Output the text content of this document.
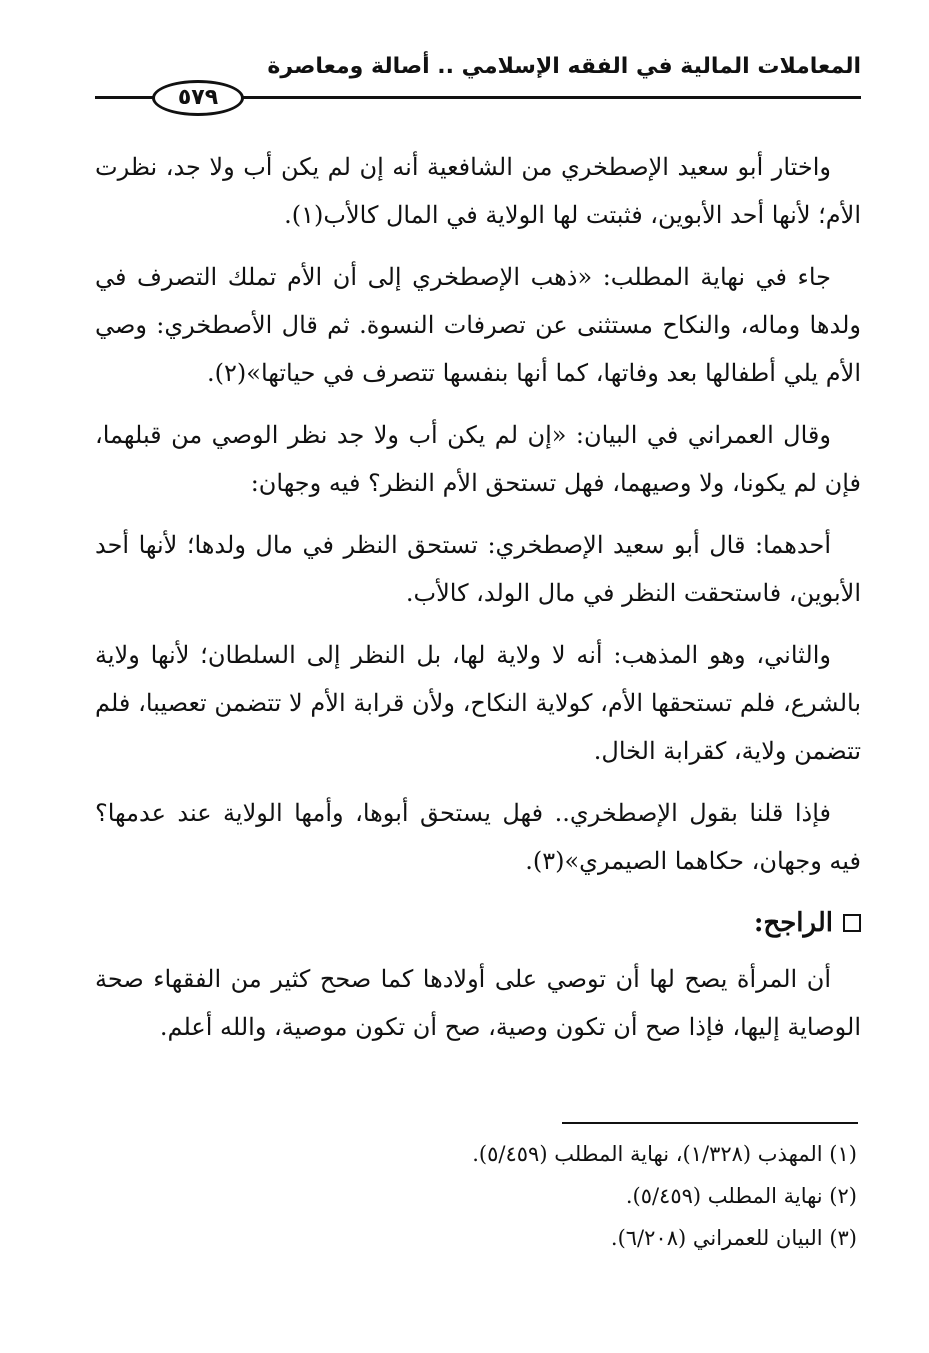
المعاملات المالية في الفقه الإسلامي .. أصالة ومعاصرة
٥٧٩

واختار أبو سعيد الإصطخري من الشافعية أنه إن لم يكن أب ولا جد، نظرت الأم؛ لأنها أحد الأبوين، فثبتت لها الولاية في المال كالأب(١).

جاء في نهاية المطلب: «ذهب الإصطخري إلى أن الأم تملك التصرف في ولدها وماله، والنكاح مستثنى عن تصرفات النسوة. ثم قال الأصطخري: وصي الأم يلي أطفالها بعد وفاتها، كما أنها بنفسها تتصرف في حياتها»(٢).

وقال العمراني في البيان: «إن لم يكن أب ولا جد نظر الوصي من قبلهما، فإن لم يكونا، ولا وصيهما، فهل تستحق الأم النظر؟ فيه وجهان:

أحدهما: قال أبو سعيد الإصطخري: تستحق النظر في مال ولدها؛ لأنها أحد الأبوين، فاستحقت النظر في مال الولد، كالأب.

والثاني، وهو المذهب: أنه لا ولاية لها، بل النظر إلى السلطان؛ لأنها ولاية بالشرع، فلم تستحقها الأم، كولاية النكاح، ولأن قرابة الأم لا تتضمن تعصيبا، فلم تتضمن ولاية، كقرابة الخال.

فإذا قلنا بقول الإصطخري.. فهل يستحق أبوها، وأمها الولاية عند عدمها؟ فيه وجهان، حكاهما الصيمري»(٣).

الراجح:

أن المرأة يصح لها أن توصي على أولادها كما صحح كثير من الفقهاء صحة الوصاية إليها، فإذا صح أن تكون وصية، صح أن تكون موصية، والله أعلم.

(١) المهذب (١/٣٢٨)، نهاية المطلب (٥/٤٥٩).
(٢) نهاية المطلب (٥/٤٥٩).
(٣) البيان للعمراني (٦/٢٠٨).
